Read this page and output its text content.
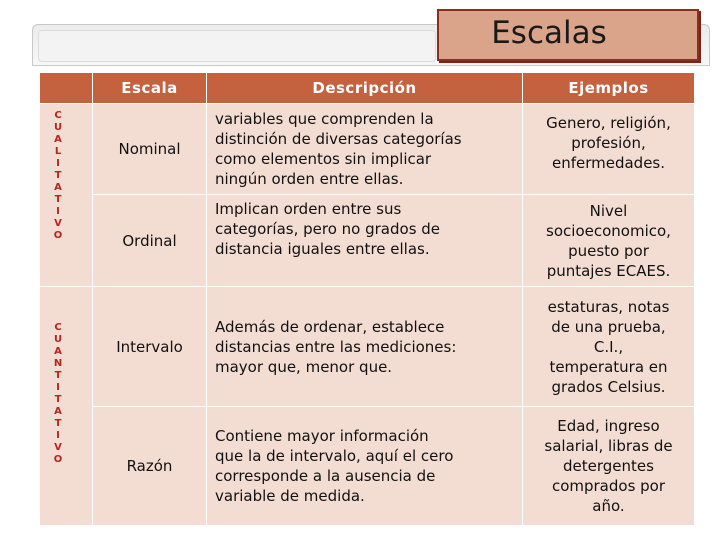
Escalas
Escala	Descripción	Ejemplos
C
U
A
L
I
T
A
T
I
V
O
C
U
A
N
T
I
T
A
T
I
V
O
Nominal
variables que comprenden la
distinción de diversas categorías
como elementos sin implicar
ningún orden entre ellas.
Genero, religión,
profesión,
enfermedades.
Ordinal
Implican orden entre sus
categorías, pero no grados de
distancia iguales entre ellas.
Nivel
socioeconomico,
puesto por
puntajes ECAES.
Intervalo
Además de ordenar, establece
distancias entre las mediciones:
mayor que, menor que.
estaturas, notas
de una prueba,
C.I.,
temperatura en
grados Celsius.
Razón
Contiene mayor información
que la de intervalo, aquí el cero
corresponde a la ausencia de
variable de medida.
Edad, ingreso
salarial, libras de
detergentes
comprados por
año.
